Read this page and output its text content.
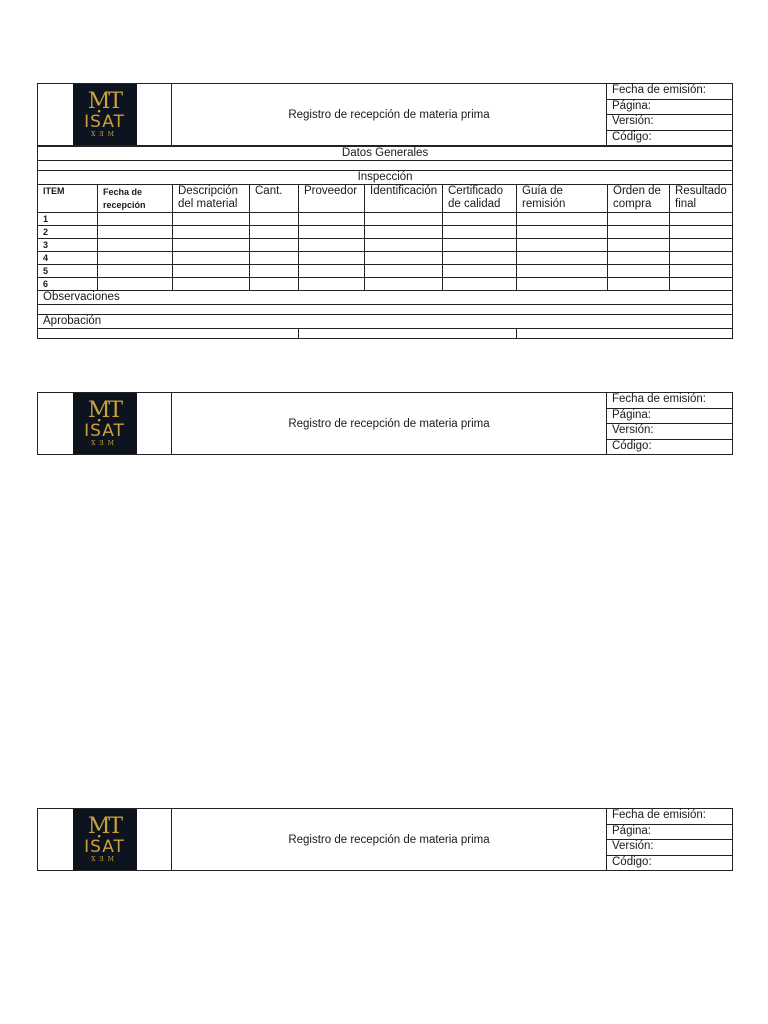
ṂT
ISAT
XƎM
	Registro de recepción de materia prima	Fecha de emisión:
Página:
Versión:
Código:
Datos Generales									

Inspección									
ITEM	Fecha de recepción	Descripción del material	Cant.	Proveedor	Identificación	Certificado de calidad	Guía de remisión	Orden de compra	Resultado final
1									
2									
3									
4									
5									
6									
Observaciones									

Aprobación									

ṂT
ISAT
XƎM
	Registro de recepción de materia prima	Fecha de emisión:
Página:
Versión:
Código:
ṂT
ISAT
XƎM
	Registro de recepción de materia prima	Fecha de emisión:
Página:
Versión:
Código:
